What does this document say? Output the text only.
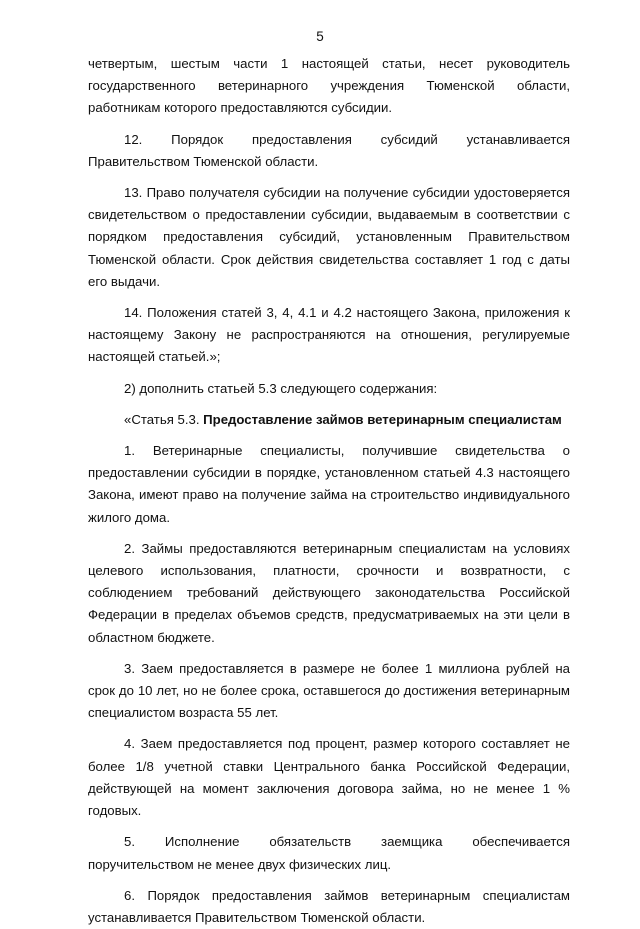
5

четвертым, шестым части 1 настоящей статьи, несет руководитель государственного ветеринарного учреждения Тюменской области, работникам которого предоставляются субсидии.

12. Порядок предоставления субсидий устанавливается Правительством Тюменской области.

13. Право получателя субсидии на получение субсидии удостоверяется свидетельством о предоставлении субсидии, выдаваемым в соответствии с порядком предоставления субсидий, установленным Правительством Тюменской области. Срок действия свидетельства составляет 1 год с даты его выдачи.

14. Положения статей 3, 4, 4.1 и 4.2 настоящего Закона, приложения к настоящему Закону не распространяются на отношения, регулируемые настоящей статьей.»;

2) дополнить статьей 5.3 следующего содержания:

«Статья 5.3. Предоставление займов ветеринарным специалистам

1. Ветеринарные специалисты, получившие свидетельства о предоставлении субсидии в порядке, установленном статьей 4.3 настоящего Закона, имеют право на получение займа на строительство индивидуального жилого дома.

2. Займы предоставляются ветеринарным специалистам на условиях целевого использования, платности, срочности и возвратности, с соблюдением требований действующего законодательства Российской Федерации в пределах объемов средств, предусматриваемых на эти цели в областном бюджете.

3. Заем предоставляется в размере не более 1 миллиона рублей на срок до 10 лет, но не более срока, оставшегося до достижения ветеринарным специалистом возраста 55 лет.

4. Заем предоставляется под процент, размер которого составляет не более 1/8 учетной ставки Центрального банка Российской Федерации, действующей на момент заключения договора займа, но не менее 1 % годовых.

5. Исполнение обязательств заемщика обеспечивается поручительством не менее двух физических лиц.

6. Порядок предоставления займов ветеринарным специалистам устанавливается Правительством Тюменской области.
